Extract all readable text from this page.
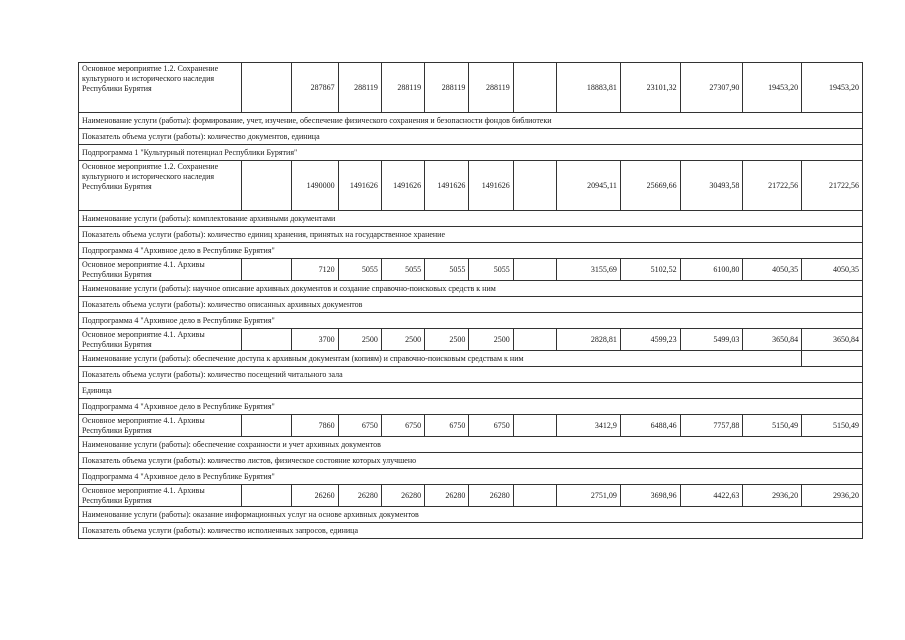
Основное мероприятие 1.2. Сохранение культурного и исторического наследия Республики Бурятия		287867	288119	288119	288119	288119		18883,81	23101,32	27307,90	19453,20	19453,20
Наименование услуги (работы): формирование, учет, изучение, обеспечение физического сохранения и безопасности фондов библиотеки												
Показатель объема услуги (работы): количество документов, единица												
Подпрограмма 1 "Культурный потенциал Республики Бурятия"												
Основное мероприятие 1.2. Сохранение культурного и исторического наследия Республики Бурятия		1490000	1491626	1491626	1491626	1491626		20945,11	25669,66	30493,58	21722,56	21722,56
Наименование услуги (работы): комплектование архивными документами												
Показатель объема услуги (работы): количество единиц хранения, принятых на государственное хранение												
Подпрограмма 4 "Архивное дело в Республике Бурятия"												
Основное мероприятие 4.1. Архивы Республики Бурятия		7120	5055	5055	5055	5055		3155,69	5102,52	6100,80	4050,35	4050,35
Наименование услуги (работы): научное описание архивных документов и создание справочно-поисковых средств к ним												
Показатель объема услуги (работы): количество описанных архивных документов												
Подпрограмма 4 "Архивное дело в Республике Бурятия"												
Основное мероприятие 4.1. Архивы Республики Бурятия		3700	2500	2500	2500	2500		2828,81	4599,23	5499,03	3650,84	3650,84
Наименование услуги (работы): обеспечение доступа к архивным документам (копиям) и справочно-поисковым средствам к ним												
Показатель объема услуги (работы): количество посещений читального зала												
Единица												
Подпрограмма 4 "Архивное дело в Республике Бурятия"												
Основное мероприятие 4.1. Архивы Республики Бурятия		7860	6750	6750	6750	6750		3412,9	6488,46	7757,88	5150,49	5150,49
Наименование услуги (работы): обеспечение сохранности и учет архивных документов												
Показатель объема услуги (работы): количество листов, физическое состояние которых улучшено												
Подпрограмма 4 "Архивное дело в Республике Бурятия"												
Основное мероприятие 4.1. Архивы Республики Бурятия		26260	26280	26280	26280	26280		2751,09	3698,96	4422,63	2936,20	2936,20
Наименование услуги (работы): оказание информационных услуг на основе архивных документов												
Показатель объема услуги (работы): количество исполненных запросов, единица												
